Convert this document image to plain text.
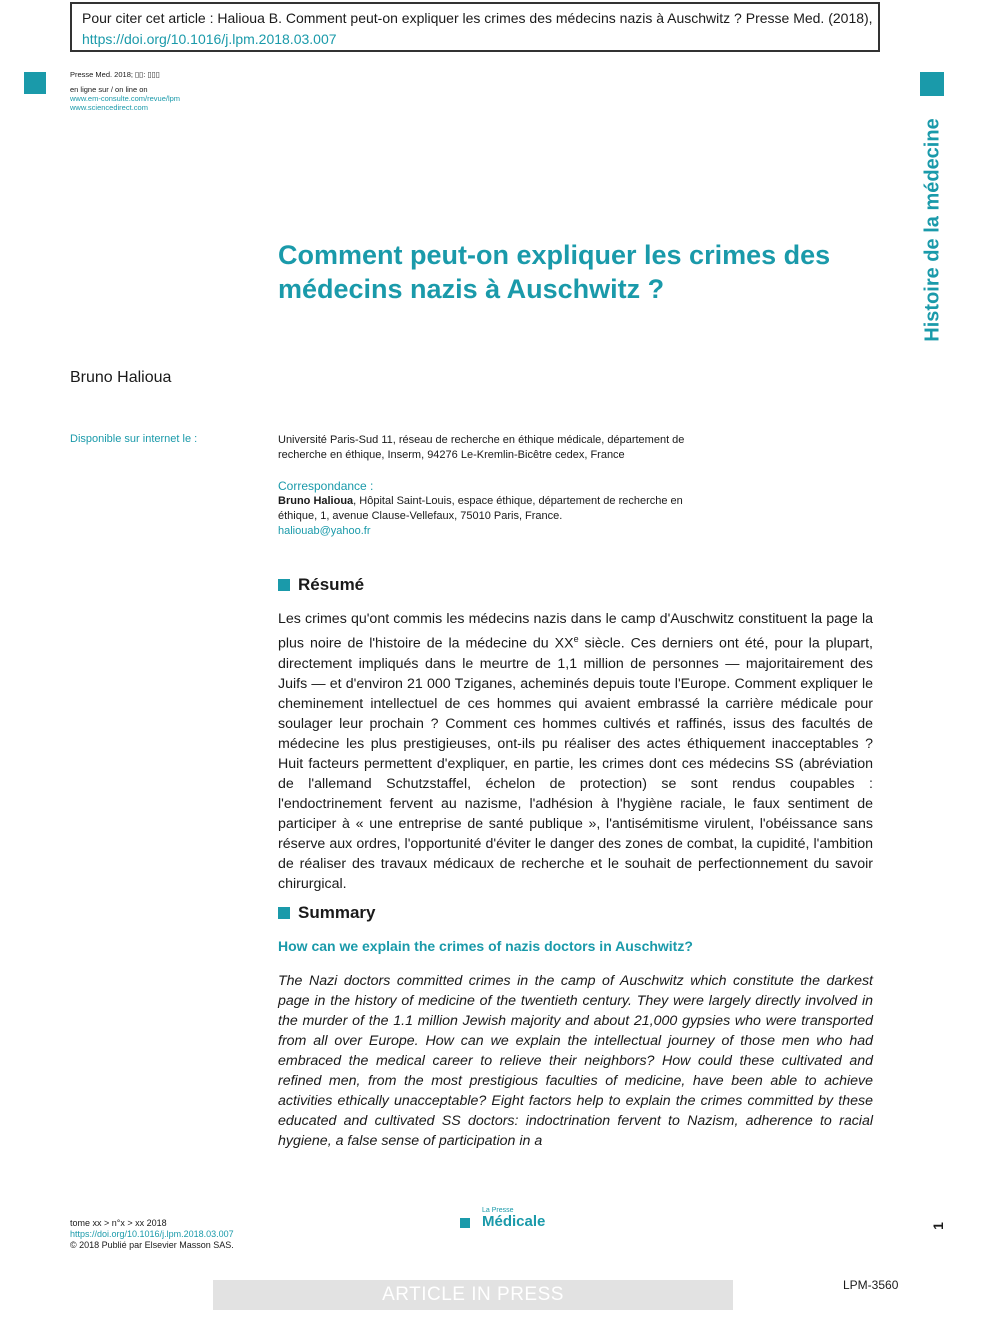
Pour citer cet article : Halioua B. Comment peut-on expliquer les crimes des médecins nazis à Auschwitz ? Presse Med. (2018),
https://doi.org/10.1016/j.lpm.2018.03.007
Presse Med. 2018; ▯▯: ▯▯▯
en ligne sur / on line on
www.em-consulte.com/revue/lpm
www.sciencedirect.com
Histoire de la médecine
Comment peut-on expliquer les crimes des médecins nazis à Auschwitz ?
Bruno Halioua
Disponible sur internet le :	Université Paris-Sud 11, réseau de recherche en éthique médicale, département de recherche en éthique, Inserm, 94276 Le-Kremlin-Bicêtre cedex, France
Correspondance :
Bruno Halioua, Hôpital Saint-Louis, espace éthique, département de recherche en éthique, 1, avenue Clause-Vellefaux, 75010 Paris, France.
haliouab@yahoo.fr
Résumé
Les crimes qu'ont commis les médecins nazis dans le camp d'Auschwitz constituent la page la plus noire de l'histoire de la médecine du XXe siècle. Ces derniers ont été, pour la plupart, directement impliqués dans le meurtre de 1,1 million de personnes — majoritairement des Juifs — et d'environ 21 000 Tziganes, acheminés depuis toute l'Europe. Comment expliquer le cheminement intellectuel de ces hommes qui avaient embrassé la carrière médicale pour soulager leur prochain ? Comment ces hommes cultivés et raffinés, issus des facultés de médecine les plus prestigieuses, ont-ils pu réaliser des actes éthiquement inacceptables ? Huit facteurs permettent d'expliquer, en partie, les crimes dont ces médecins SS (abréviation de l'allemand Schutzstaffel, échelon de protection) se sont rendus coupables : l'endoctrinement fervent au nazisme, l'adhésion à l'hygiène raciale, le faux sentiment de participer à « une entreprise de santé publique », l'antisémitisme virulent, l'obéissance sans réserve aux ordres, l'opportunité d'éviter le danger des zones de combat, la cupidité, l'ambition de réaliser des travaux médicaux de recherche et le souhait de perfectionnement du savoir chirurgical.
Summary
How can we explain the crimes of nazis doctors in Auschwitz?
The Nazi doctors committed crimes in the camp of Auschwitz which constitute the darkest page in the history of medicine of the twentieth century. They were largely directly involved in the murder of the 1.1 million Jewish majority and about 21,000 gypsies who were transported from all over Europe. How can we explain the intellectual journey of those men who had embraced the medical career to relieve their neighbors? How could these cultivated and refined men, from the most prestigious faculties of medicine, have been able to achieve activities ethically unacceptable? Eight factors help to explain the crimes committed by these educated and cultivated SS doctors: indoctrination fervent to Nazism, adherence to racial hygiene, a false sense of participation in a
tome xx > n°x > xx 2018
https://doi.org/10.1016/j.lpm.2018.03.007
© 2018 Publié par Elsevier Masson SAS.
La Presse
Médicale	1
ARTICLE IN PRESS	LPM-3560
